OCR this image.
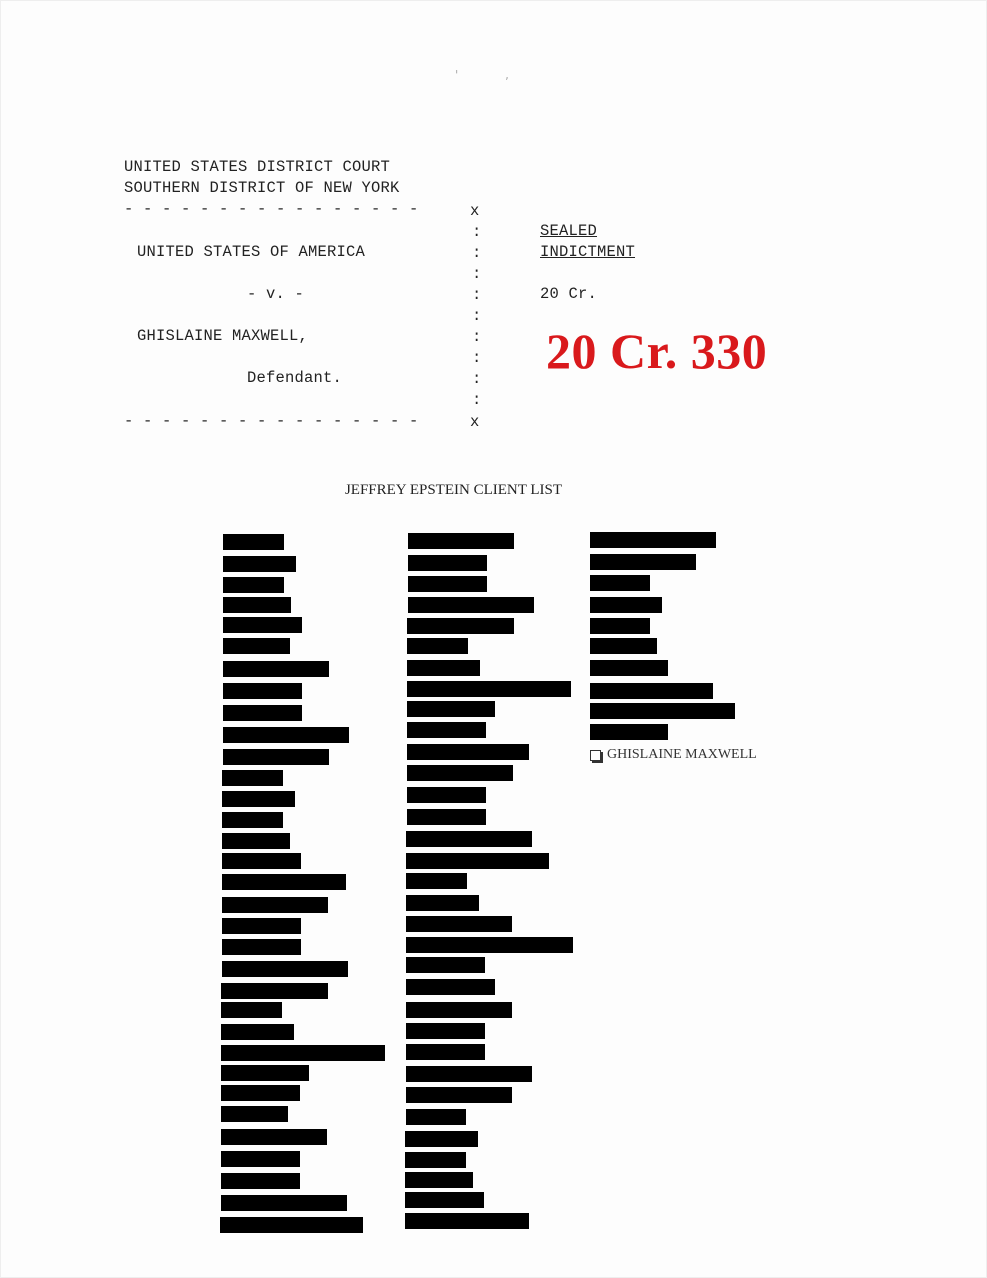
'	ʼ
UNITED STATES DISTRICT COURT
SOUTHERN DISTRICT OF NEW YORK
- - - - - - - - - - - - - - - -	x
:
:
:
:
:
:
:
:
:
UNITED STATES OF AMERICA
- v. -
GHISLAINE MAXWELL,
Defendant.
- - - - - - - - - - - - - - - -	x
SEALED
INDICTMENT
20 Cr.
20 Cr. 330
JEFFREY EPSTEIN CLIENT LIST
GHISLAINE MAXWELL
